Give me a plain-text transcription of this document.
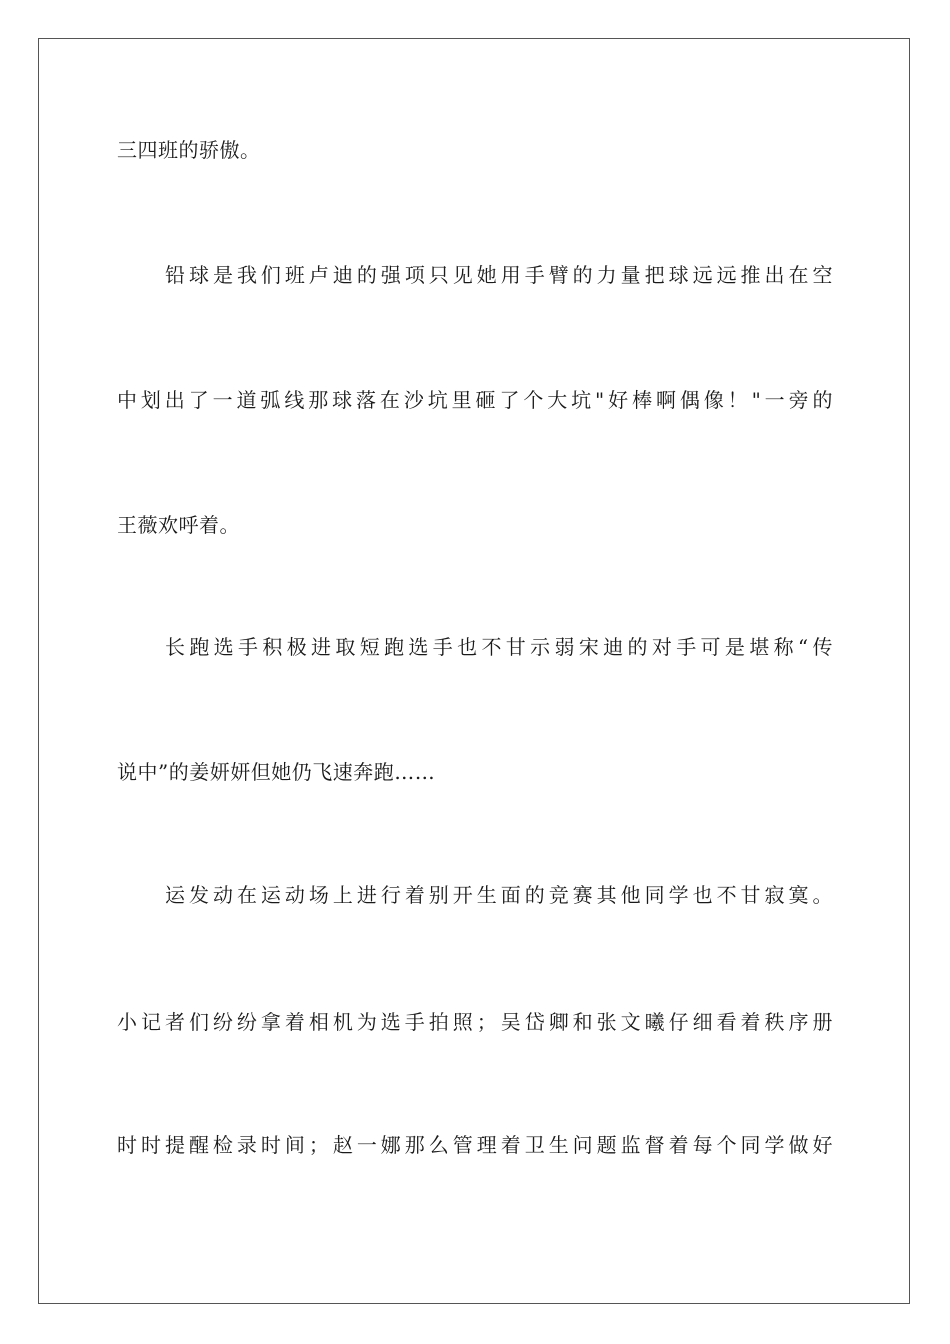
三四班的骄傲。
铅球是我们班卢迪的强项只见她用手臂的力量把球远远推出在空
中划出了一道弧线那球落在沙坑里砸了个大坑"好棒啊偶像！"一旁的
王薇欢呼着。
长跑选手积极进取短跑选手也不甘示弱宋迪的对手可是堪称“传
说中”的姜妍妍但她仍飞速奔跑……
运发动在运动场上进行着别开生面的竞赛其他同学也不甘寂寞。
小记者们纷纷拿着相机为选手拍照；吴岱卿和张文曦仔细看着秩序册
时时提醒检录时间；赵一娜那么管理着卫生问题监督着每个同学做好
